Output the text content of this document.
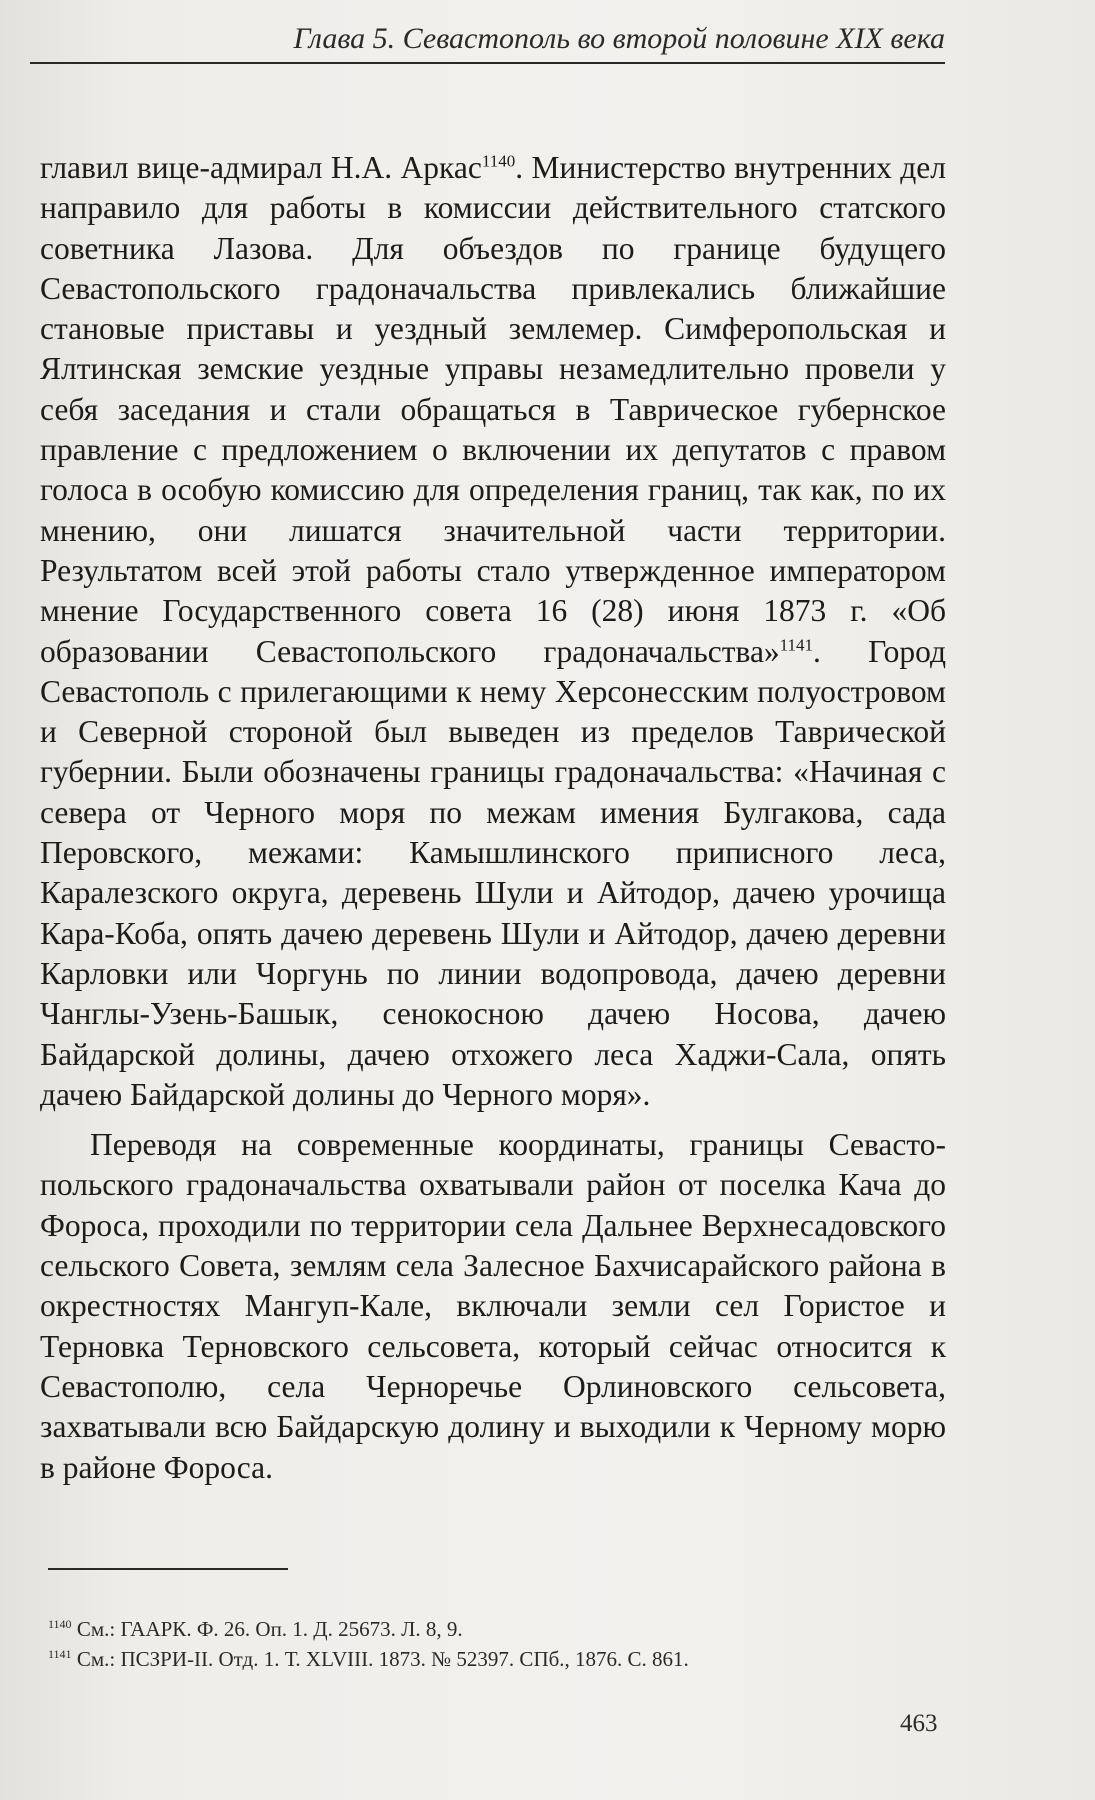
Глава 5. Севастополь во второй половине XIX века

главил вице-адмирал Н.А. Аркас$^{1140}$. Министерство внутренних дел направило для работы в комиссии действительного статского советника Лазова. Для объездов по границе будущего Севастопольского градоначальства привлекались ближайшие становые приставы и уездный землемер. Симферопольская и Ялтинская земские уездные управы незамедлительно провели у себя заседания и стали обращаться в Таврическое губернское правление с предложением о включении их депутатов с правом голоса в особую комиссию для определения границ, так как, по их мнению, они лишатся значительной части территории. Результатом всей этой работы стало утвержденное императором мнение Государственного совета 16 (28) июня 1873 г. «Об образовании Севастопольского градоначальства»$^{1141}$. Город Севастополь с прилегающими к нему Херсонесским полуостровом и Северной стороной был выведен из пределов Таврической губернии. Были обозначены границы градоначальства: «Начиная с севера от Черного моря по межам имения Булгакова, сада Перовского, межами: Камышлинского приписного леса, Каралезского округа, деревень Шули и Айтодор, дачею урочища Кара-Коба, опять дачею деревень Шули и Айтодор, дачею деревни Карловки или Чоргунь по линии водопровода, дачею деревни Чанглы-Узень-Башык, сенокосною дачею Носова, дачею Байдарской долины, дачею отхожего леса Хаджи-Сала, опять дачею Байдарской долины до Черного моря».

Переводя на современные координаты, границы Севастопольского градоначальства охватывали район от поселка Кача до Фороса, проходили по территории села Дальнее Верхнесадовского сельского Совета, землям села Залесное Бахчисарайского района в окрестностях Мангуп-Кале, включали земли сел Гористое и Терновка Терновского сельсовета, который сейчас относится к Севастополю, села Черноречье Орлиновского сельсовета, захватывали всю Байдарскую долину и выходили к Черному морю в районе Фороса.

$^{1140}$ См.: ГААРК. Ф. 26. Оп. 1. Д. 25673. Л. 8, 9.
$^{1141}$ См.: ПСЗРИ-II. Отд. 1. Т. XLVIII. 1873. № 52397. СПб., 1876. С. 861.
463
